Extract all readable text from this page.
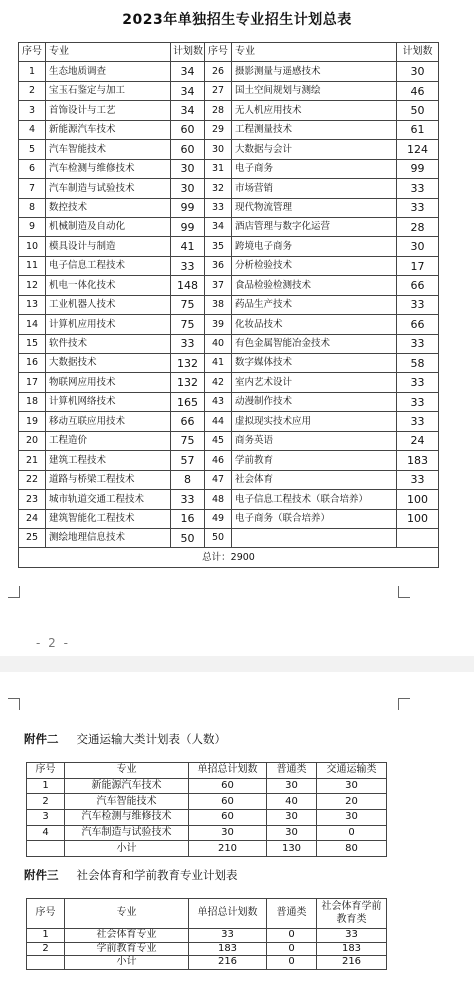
2023年单独招生专业招生计划总表
序号	专业	计划数	序号	专业	计划数
1	生态地质调查	34	26	摄影测量与遥感技术	30
2	宝玉石鉴定与加工	34	27	国土空间规划与测绘	46
3	首饰设计与工艺	34	28	无人机应用技术	50
4	新能源汽车技术	60	29	工程测量技术	61
5	汽车智能技术	60	30	大数据与会计	124
6	汽车检测与维修技术	30	31	电子商务	99
7	汽车制造与试验技术	30	32	市场营销	33
8	数控技术	99	33	现代物流管理	33
9	机械制造及自动化	99	34	酒店管理与数字化运营	28
10	模具设计与制造	41	35	跨境电子商务	30
11	电子信息工程技术	33	36	分析检验技术	17
12	机电一体化技术	148	37	食品检验检测技术	66
13	工业机器人技术	75	38	药品生产技术	33
14	计算机应用技术	75	39	化妆品技术	66
15	软件技术	33	40	有色金属智能冶金技术	33
16	大数据技术	132	41	数字媒体技术	58
17	物联网应用技术	132	42	室内艺术设计	33
18	计算机网络技术	165	43	动漫制作技术	33
19	移动互联应用技术	66	44	虚拟现实技术应用	33
20	工程造价	75	45	商务英语	24
21	建筑工程技术	57	46	学前教育	183
22	道路与桥梁工程技术	8	47	社会体育	33
23	城市轨道交通工程技术	33	48	电子信息工程技术（联合培养）	100
24	建筑智能化工程技术	16	49	电子商务（联合培养）	100
25	测绘地理信息技术	50	50		
总计：2900					
- 2 -
附件二 交通运输大类计划表（人数）
序号	专业	单招总计划数	普通类	交通运输类
1	新能源汽车技术	60	30	30
2	汽车智能技术	60	40	20
3	汽车检测与维修技术	60	30	30
4	汽车制造与试验技术	30	30	0
	小计	210	130	80
附件三 社会体育和学前教育专业计划表
序号	专业	单招总计划数	普通类	社会体育学前教育类
1	社会体育专业	33	0	33
2	学前教育专业	183	0	183
	小计	216	0	216
